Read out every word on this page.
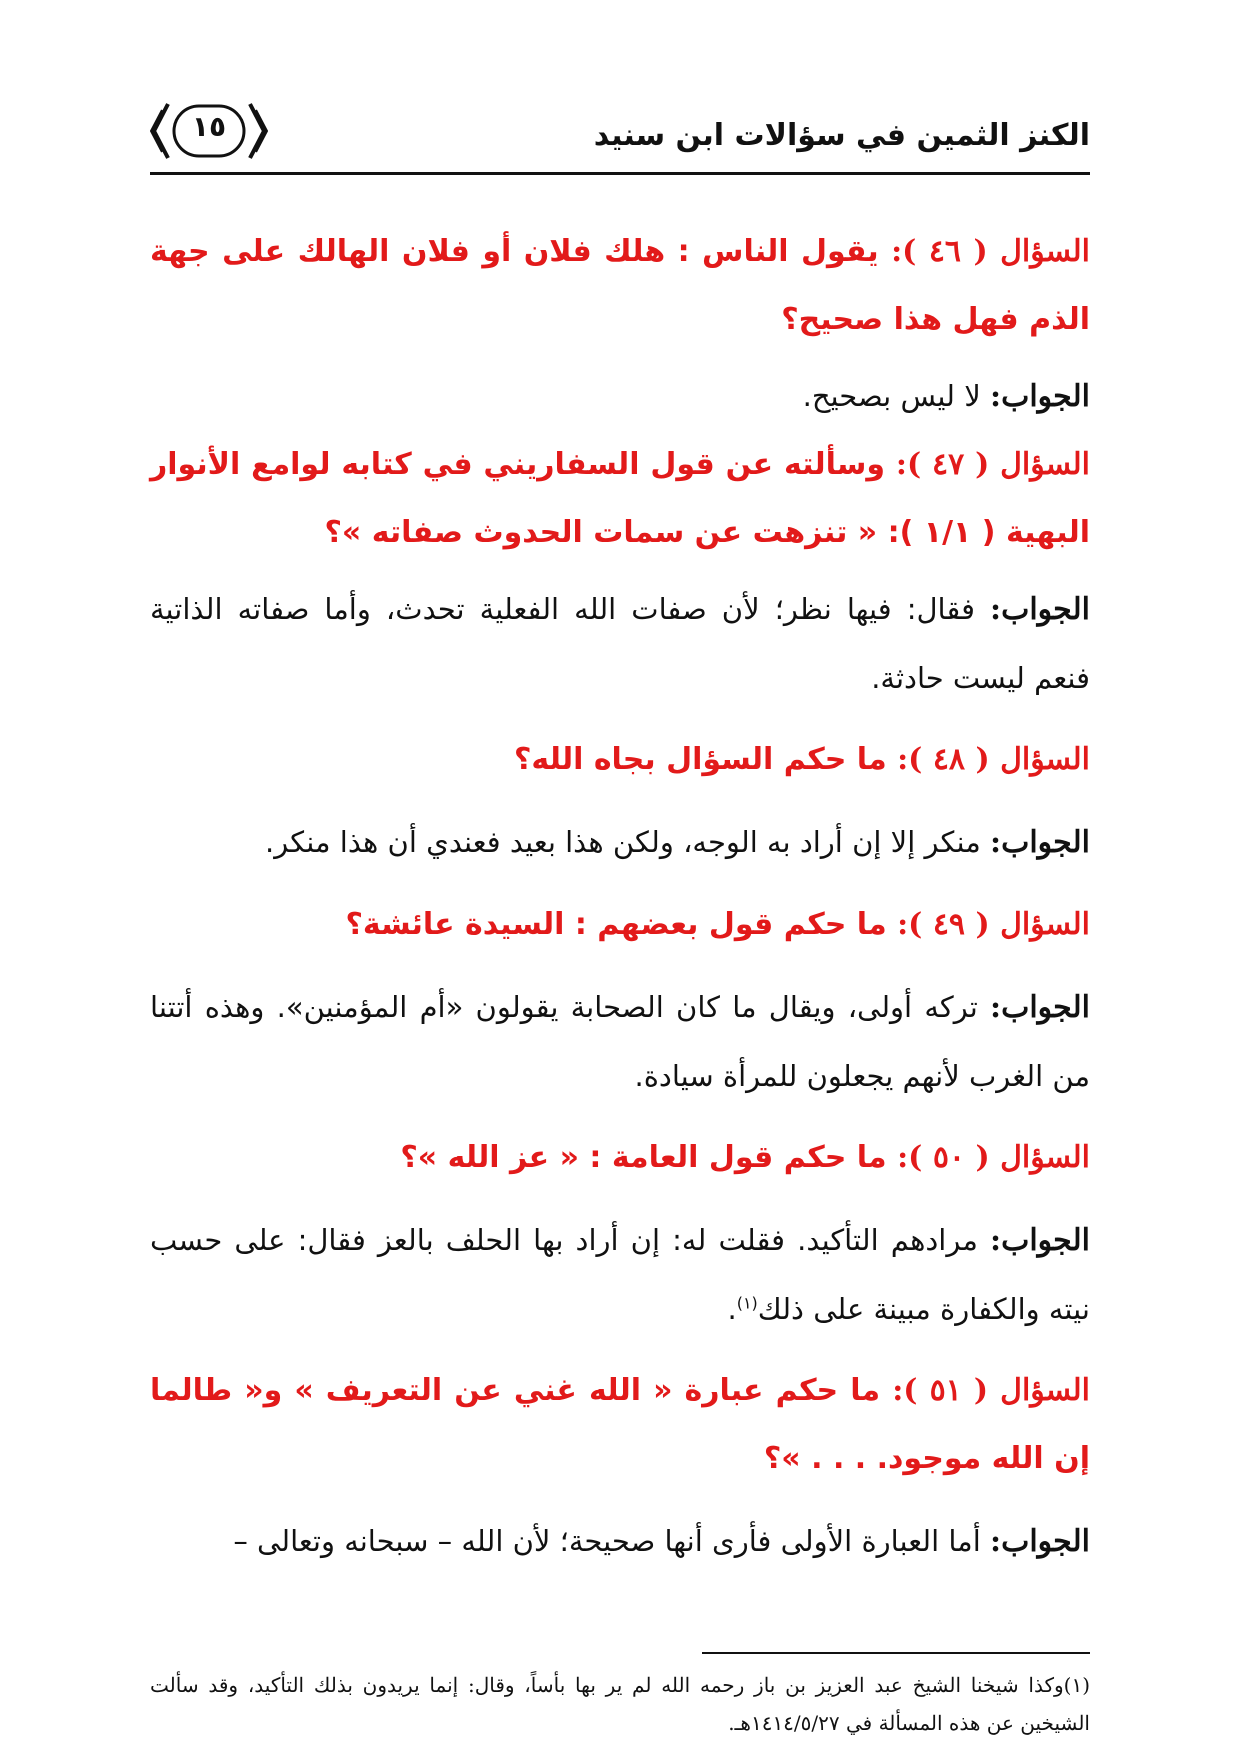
١٥	الكنز الثمين في سؤالات ابن سنيد

السؤال ( ٤٦ ): يقول الناس : هلك فلان أو فلان الهالك على جهة الذم فهل هذا صحيح؟

الجواب: لا ليس بصحيح.

السؤال ( ٤٧ ): وسألته عن قول السفاريني في كتابه لوامع الأنوار البهية ( ١/١ ): « تنزهت عن سمات الحدوث صفاته »؟

الجواب: فقال: فيها نظر؛ لأن صفات الله الفعلية تحدث، وأما صفاته الذاتية فنعم ليست حادثة.

السؤال ( ٤٨ ): ما حكم السؤال بجاه الله؟

الجواب: منكر إلا إن أراد به الوجه، ولكن هذا بعيد فعندي أن هذا منكر.

السؤال ( ٤٩ ): ما حكم قول بعضهم : السيدة عائشة؟

الجواب: تركه أولى، ويقال ما كان الصحابة يقولون «أم المؤمنين». وهذه أتتنا من الغرب لأنهم يجعلون للمرأة سيادة.

السؤال ( ٥٠ ): ما حكم قول العامة : « عز الله »؟

الجواب: مرادهم التأكيد. فقلت له: إن أراد بها الحلف بالعز فقال: على حسب نيته والكفارة مبينة على ذلك$^{(١)}$.

السؤال ( ٥١ ): ما حكم عبارة « الله غني عن التعريف » و« طالما إن الله موجود. . . . »؟

الجواب: أما العبارة الأولى فأرى أنها صحيحة؛ لأن الله – سبحانه وتعالى –

(١)وكذا شيخنا الشيخ عبد العزيز بن باز رحمه الله لم ير بها بأساً، وقال: إنما يريدون بذلك التأكيد، وقد سألت الشيخين عن هذه المسألة في ١٤١٤/٥/٢٧هـ.
